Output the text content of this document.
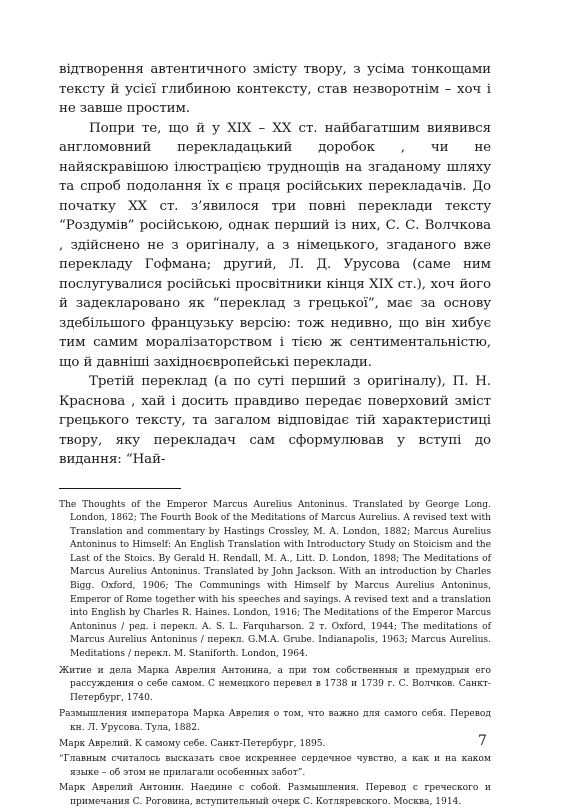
відтворення автентичного змісту твору, з усіма тонкощами тексту й усієї глибиною контексту, став незворотнім – хоч і не завше простим.

Попри те, що й у XIX – XX ст. найбагатшим виявився англомовний перекладацький доробок , чи не найяскравішою ілюстрацією труднощів на згаданому шляху та спроб подолання їх є праця російських перекладачів. До початку XX ст. з’явилося три повні переклади тексту “Роздумів” російською, однак перший із них, С. С. Волчкова , здійснено не з оригіналу, а з німецького, згаданого вже перекладу Гофмана; другий, Л. Д. Урусова (саме ним послугувалися російські просвітники кінця XIX ст.), хоч його й задекларовано як “переклад з грецької”, має за основу здебільшого французьку версію: тож недивно, що він хибує тим самим моралізаторством і тією ж сентиментальністю, що й давніші західноєвропейські переклади.

Третій переклад (а по суті перший з оригіналу), П. Н. Краснова , хай і досить правдиво передає поверховий зміст грецького тексту, та загалом відповідає тій характеристиці твору, яку перекладач сам сформулював у вступі до видання: “Най-

The Thoughts of the Emperor Marcus Aurelius Antoninus. Translated by George Long. London, 1862; The Fourth Book of the Meditations of Marcus Aurelius. A revised text with Translation and commentary by Hastings Crossley, M. A. London, 1882; Marcus Aurelius Antoninus to Himself: An English Translation with Introductory Study on Stoicism and the Last of the Stoics. By Gerald H. Rendall, M. A., Litt. D. London, 1898; The Meditations of Marcus Aurelius Antoninus. Translated by John Jackson. With an introduction by Charles Bigg. Oxford, 1906; The Communings with Himself by Marcus Aurelius Antoninus, Emperor of Rome together with his speeches and sayings. A revised text and a translation into English by Charles R. Haines. London, 1916; The Meditations of the Emperor Marcus Antoninus / ред. і перекл. A. S. L. Farquharson. 2 т. Oxford, 1944; The meditations of Marcus Aurelius Antoninus / перекл. G.M.A. Grube. Indianapolis, 1963; Marcus Aurelius. Meditations / перекл. M. Staniforth. London, 1964.

Житие и дела Марка Аврелия Антонина, а при том собственныя и премудрыя его рассуждения о себе самом. С немецкого перевел в 1738 и 1739 г. С. Волчков. Санкт-Петербург, 1740.

Размышления императора Марка Аврелия о том, что важно для самого себя. Перевод кн. Л. Урусова. Тула, 1882.

Марк Аврелий. К самому себе. Санкт-Петербург, 1895.

“Главным считалось высказать свое искреннее сердечное чувство, а как и на каком языке – об этом не прилагали особенных забот”.

Марк Аврелий Антонин. Наедине с собой. Размышления. Перевод с греческого и примечания С. Роговина, вступительный очерк С. Котляревского. Москва, 1914.

7
